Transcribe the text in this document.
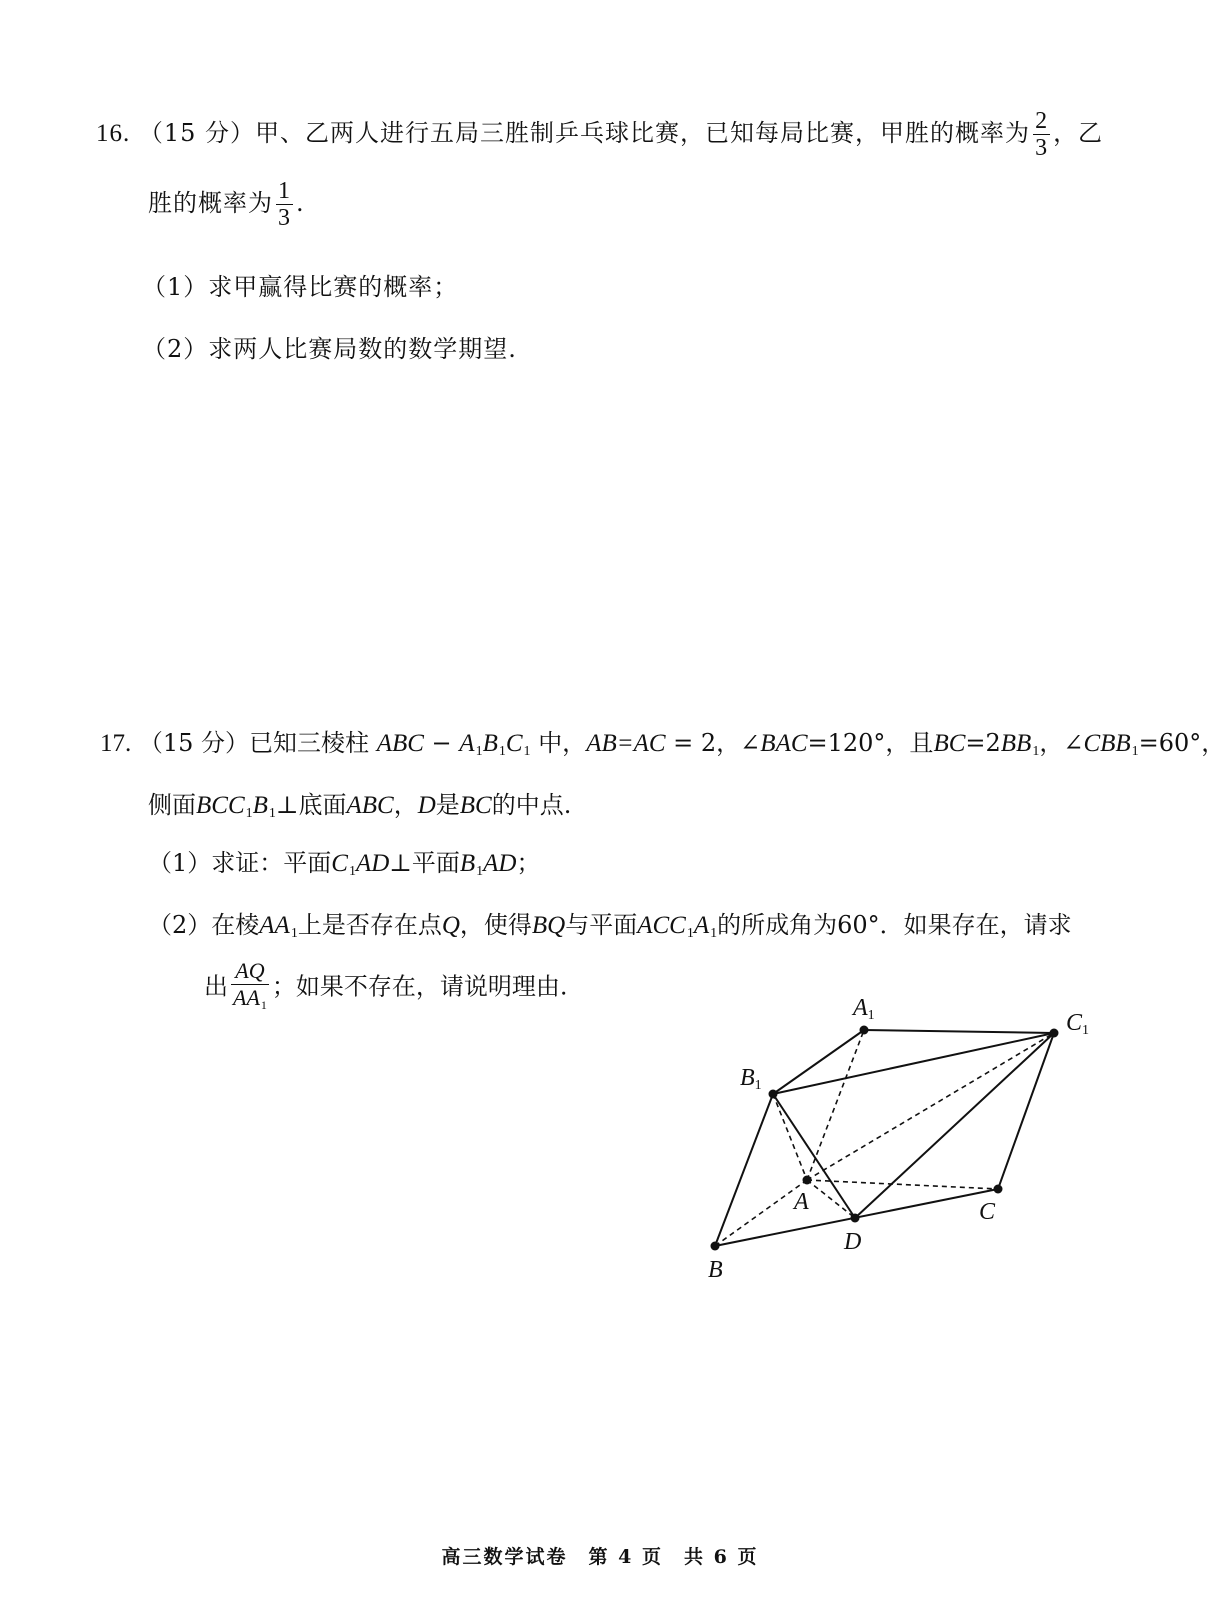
16. （15 分）甲、乙两人进行五局三胜制乒乓球比赛，已知每局比赛，甲胜的概率为 $\frac{2}{3}$ ，乙
胜的概率为 $\frac{1}{3}$ .
（1）求甲赢得比赛的概率；
（2）求两人比赛局数的数学期望.
17. （15 分）已知三棱柱 ABC − $A_1B_1C_1$ 中，AB=AC = 2，∠BAC=120°，且$BC=2BB_1$，$\angle CBB_1=60^\circ$，
侧面$BCC_1B_1\perp$底面ABC，D是BC的中点.
（1）求证：平面$C_1AD\perp$平面$B_1AD$；
（2）在棱$AA_1$上是否存在点Q，使得BQ与平面$ACC_1A_1$的所成角为60°．如果存在，请求
出 $\frac{AQ}{AA_1}$ ；如果不存在，请说明理由.
A1
B1
C1
A
B
C
D
高三数学试卷　第 4 页　共 6 页
